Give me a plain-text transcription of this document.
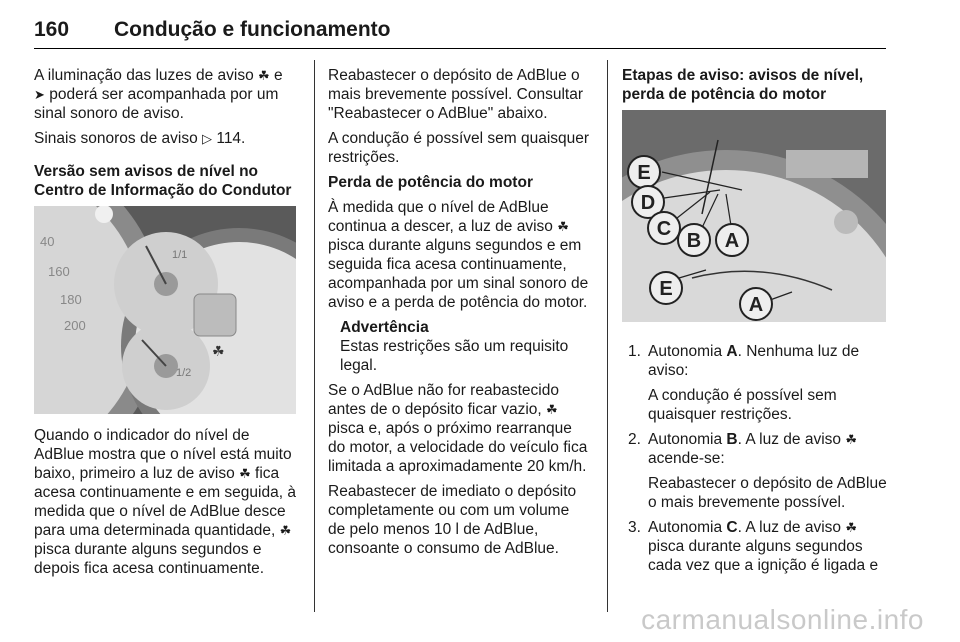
160 Condução e funcionamento

A iluminação das luzes de aviso ☘ e
➤ poderá ser acompanhada por um sinal sonoro de aviso.

Sinais sonoros de aviso ▷ 114.

Versão sem avisos de nível no Centro de Informação do Condutor

40
160
180
200
1/1
1/2
☘

Quando o indicador do nível de AdBlue mostra que o nível está muito baixo, primeiro a luz de aviso ☘ fica acesa continuamente e em seguida, à medida que o nível de AdBlue desce para uma determinada quantidade, ☘ pisca durante alguns segundos e depois fica acesa continuamente.

Reabastecer o depósito de AdBlue o mais brevemente possível. Consultar "Reabastecer o AdBlue" abaixo.

A condução é possível sem quaisquer restrições.

Perda de potência do motor

À medida que o nível de AdBlue continua a descer, a luz de aviso ☘ pisca durante alguns segundos e em seguida fica acesa continuamente, acompanhada por um sinal sonoro de aviso e a perda de potência do motor.

Advertência
Estas restrições são um requisito legal.

Se o AdBlue não for reabastecido antes de o depósito ficar vazio, ☘ pisca e, após o próximo rearranque do motor, a velocidade do veículo fica limitada a aproximadamente 20 km/h.

Reabastecer de imediato o depósito completamente ou com um volume de pelo menos 10 l de AdBlue, consoante o consumo de AdBlue.

Etapas de aviso: avisos de nível, perda de potência do motor

E
D
C
B A
E
A
1. Autonomia A. Nenhuma luz de aviso:

A condução é possível sem quaisquer restrições.

2. Autonomia B. A luz de aviso ☘ acende-se:

Reabastecer o depósito de AdBlue o mais brevemente possível.

3. Autonomia C. A luz de aviso ☘ pisca durante alguns segundos cada vez que a ignição é ligada e

carmanualsonline.info
